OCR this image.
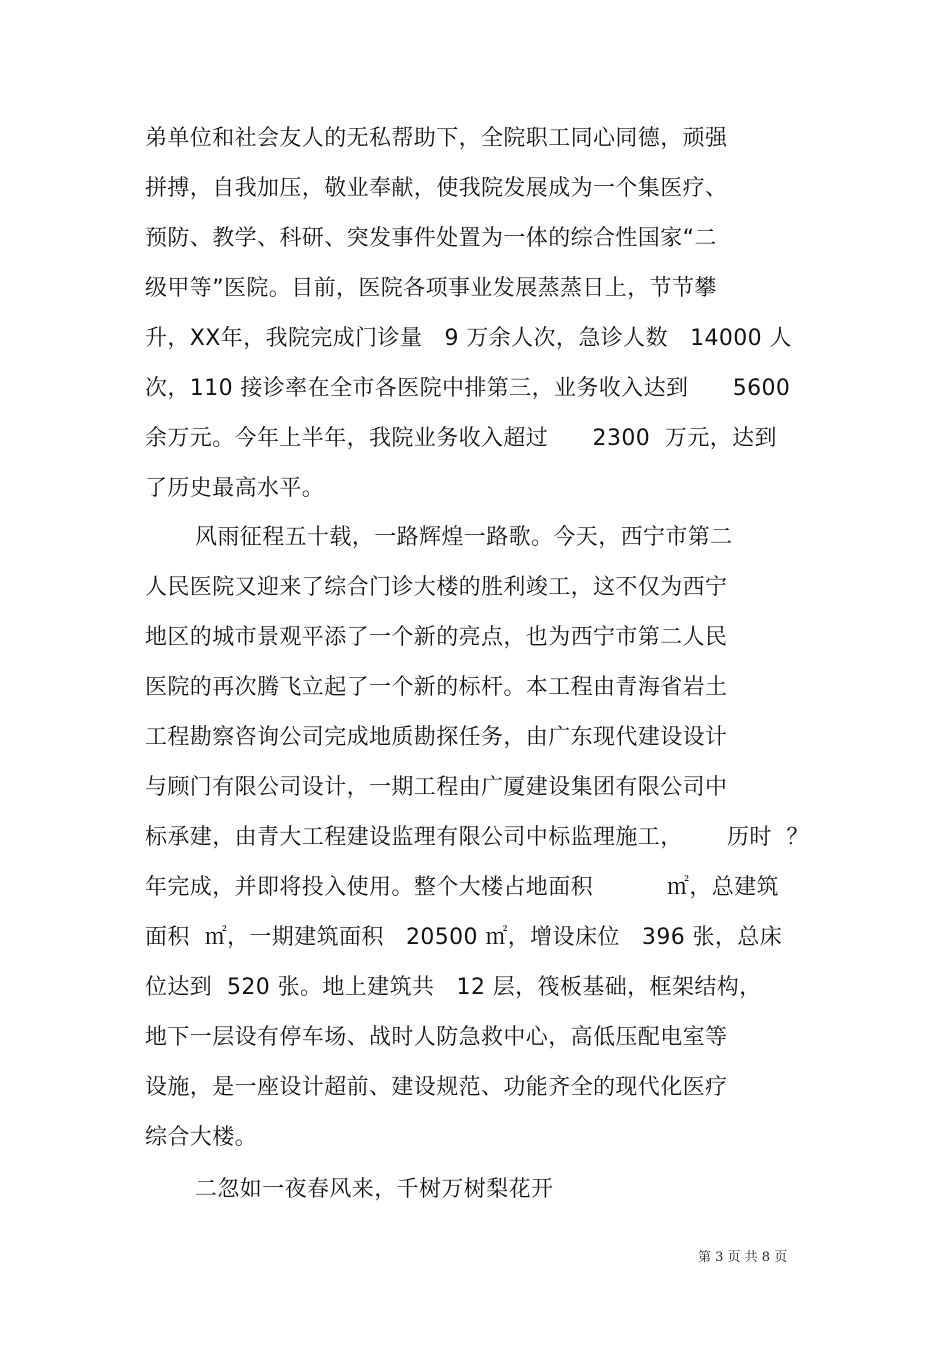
弟单位和社会友人的无私帮助下，全院职工同心同德，顽强
拼搏，自我加压，敬业奉献，使我院发展成为一个集医疗、
预防、教学、科研、突发事件处置为一体的综合性国家“二
级甲等”医院。目前，医院各项事业发展蒸蒸日上，节节攀
升，XX年，我院完成门诊量   9 万余人次，急诊人数   14000 人
次，110 接诊率在全市各医院中排第三，业务收入达到      5600
余万元。今年上半年，我院业务收入超过      2300  万元，达到
了历史最高水平。
风雨征程五十载，一路辉煌一路歌。今天，西宁市第二
人民医院又迎来了综合门诊大楼的胜利竣工，这不仅为西宁
地区的城市景观平添了一个新的亮点，也为西宁市第二人民
医院的再次腾飞立起了一个新的标杆。本工程由青海省岩土
工程勘察咨询公司完成地质勘探任务，由广东现代建设设计
与顾门有限公司设计，一期工程由广厦建设集团有限公司中
标承建，由青大工程建设监理有限公司中标监理施工，      历时  ？
年完成，并即将投入使用。整个大楼占地面积          ㎡，总建筑
面积  ㎡，一期建筑面积   20500 ㎡，增设床位   396 张，总床
位达到  520 张。地上建筑共   12 层，筏板基础，框架结构，
地下一层设有停车场、战时人防急救中心，高低压配电室等
设施，是一座设计超前、建设规范、功能齐全的现代化医疗
综合大楼。
二忽如一夜春风来，千树万树梨花开
第 3 页 共 8 页
